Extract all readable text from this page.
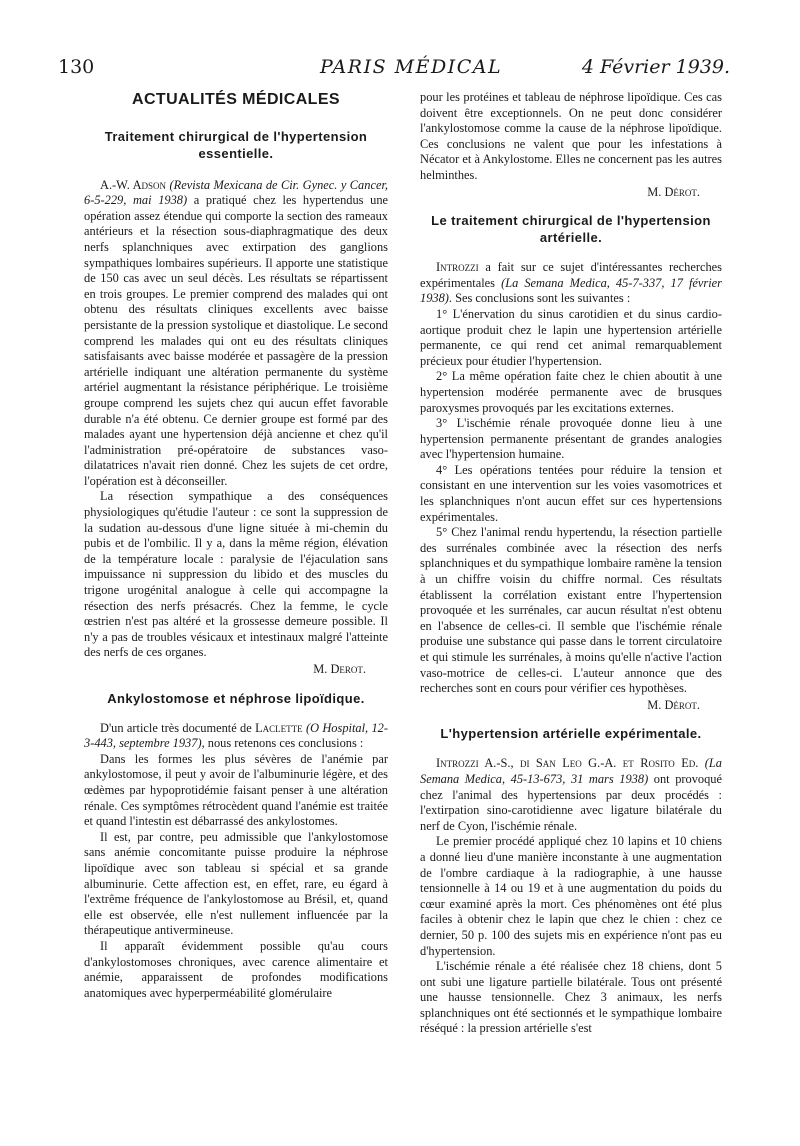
130	PARIS MÉDICAL	4 Février 1939.
ACTUALITÉS MÉDICALES
Traitement chirurgical de l'hypertension essentielle.

A.-W. Adson (Revista Mexicana de Cir. Gynec. y Cancer, 6-5-229, mai 1938) a pratiqué chez les hypertendus une opération assez étendue qui comporte la section des rameaux antérieurs et la résection sous-diaphragmatique des deux nerfs splanchniques avec extirpation des ganglions sympathiques lombaires supérieurs. Il apporte une statistique de 150 cas avec un seul décès. Les résultats se répartissent en trois groupes. Le premier comprend des malades qui ont obtenu des résultats cliniques excellents avec baisse persistante de la pression systolique et diastolique. Le second comprend les malades qui ont eu des résultats cliniques satisfaisants avec baisse modérée et passagère de la pression artérielle indiquant une altération permanente du système artériel augmentant la résistance périphérique. Le troisième groupe comprend les sujets chez qui aucun effet favorable durable n'a été obtenu. Ce dernier groupe est formé par des malades ayant une hypertension déjà ancienne et chez qu'il l'administration pré-opératoire de substances vaso-dilatatrices n'avait rien donné. Chez les sujets de cet ordre, l'opération est à déconseiller.

La résection sympathique a des conséquences physiologiques qu'étudie l'auteur : ce sont la suppression de la sudation au-dessous d'une ligne située à mi-chemin du pubis et de l'ombilic. Il y a, dans la même région, élévation de la température locale : paralysie de l'éjaculation sans impuissance ni suppression du libido et des muscles du trigone urogénital analogue à celle qui accompagne la résection des nerfs présacrés. Chez la femme, le cycle œstrien n'est pas altéré et la grossesse demeure possible. Il n'y a pas de troubles vésicaux et intestinaux malgré l'atteinte des nerfs de ces organes.

M. Derot.

Ankylostomose et néphrose lipoïdique.

D'un article très documenté de Laclette (O Hospital, 12-3-443, septembre 1937), nous retenons ces conclusions :

Dans les formes les plus sévères de l'anémie par ankylostomose, il peut y avoir de l'albuminurie légère, et des œdèmes par hypoprotidémie faisant penser à une altération rénale. Ces symptômes rétrocèdent quand l'anémie est traitée et quand l'intestin est débarrassé des ankylostomes.

Il est, par contre, peu admissible que l'ankylostomose sans anémie concomitante puisse produire la néphrose lipoïdique avec son tableau si spécial et sa grande albuminurie. Cette affection est, en effet, rare, eu égard à l'extrême fréquence de l'ankylostomose au Brésil, et, quand elle est observée, elle n'est nullement influencée par la thérapeutique antivermineuse.

Il apparaît évidemment possible qu'au cours d'ankylostomoses chroniques, avec carence alimentaire et anémie, apparaissent de profondes modifications anatomiques avec hyperperméabilité glomérulaire

pour les protéines et tableau de néphrose lipoïdique. Ces cas doivent être exceptionnels. On ne peut donc considérer l'ankylostomose comme la cause de la néphrose lipoïdique. Ces conclusions ne valent que pour les infestations à Nécator et à Ankylostome. Elles ne concernent pas les autres helminthes.

M. Dérot.

Le traitement chirurgical de l'hypertension artérielle.

Introzzi a fait sur ce sujet d'intéressantes recherches expérimentales (La Semana Medica, 45-7-337, 17 février 1938). Ses conclusions sont les suivantes :

1° L'énervation du sinus carotidien et du sinus cardio-aortique produit chez le lapin une hypertension artérielle permanente, ce qui rend cet animal remarquablement précieux pour étudier l'hypertension.

2° La même opération faite chez le chien aboutit à une hypertension modérée permanente avec de brusques paroxysmes provoqués par les excitations externes.

3° L'ischémie rénale provoquée donne lieu à une hypertension permanente présentant de grandes analogies avec l'hypertension humaine.

4° Les opérations tentées pour réduire la tension et consistant en une intervention sur les voies vasomotrices et les splanchniques n'ont aucun effet sur ces hypertensions expérimentales.

5° Chez l'animal rendu hypertendu, la résection partielle des surrénales combinée avec la résection des nerfs splanchniques et du sympathique lombaire ramène la tension à un chiffre voisin du chiffre normal. Ces résultats établissent la corrélation existant entre l'hypertension provoquée et les surrénales, car aucun résultat n'est obtenu en l'absence de celles-ci. Il semble que l'ischémie rénale produise une substance qui passe dans le torrent circulatoire et qui stimule les surrénales, à moins qu'elle n'active l'action vaso-motrice de celles-ci. L'auteur annonce que des recherches sont en cours pour vérifier ces hypothèses.

M. Dérot.

L'hypertension artérielle expérimentale.

Introzzi A.-S., di San Leo G.-A. et Rosito Ed. (La Semana Medica, 45-13-673, 31 mars 1938) ont provoqué chez l'animal des hypertensions par deux procédés : l'extirpation sino-carotidienne avec ligature bilatérale du nerf de Cyon, l'ischémie rénale.

Le premier procédé appliqué chez 10 lapins et 10 chiens a donné lieu d'une manière inconstante à une augmentation de l'ombre cardiaque à la radiographie, à une hausse tensionnelle à 14 ou 19 et à une augmentation du poids du cœur examiné après la mort. Ces phénomènes ont été plus faciles à obtenir chez le lapin que chez le chien : chez ce dernier, 50 p. 100 des sujets mis en expérience n'ont pas eu d'hypertension.

L'ischémie rénale a été réalisée chez 18 chiens, dont 5 ont subi une ligature partielle bilatérale. Tous ont présenté une hausse tensionnelle. Chez 3 animaux, les nerfs splanchniques ont été sectionnés et le sympathique lombaire réséqué : la pression artérielle s'est
